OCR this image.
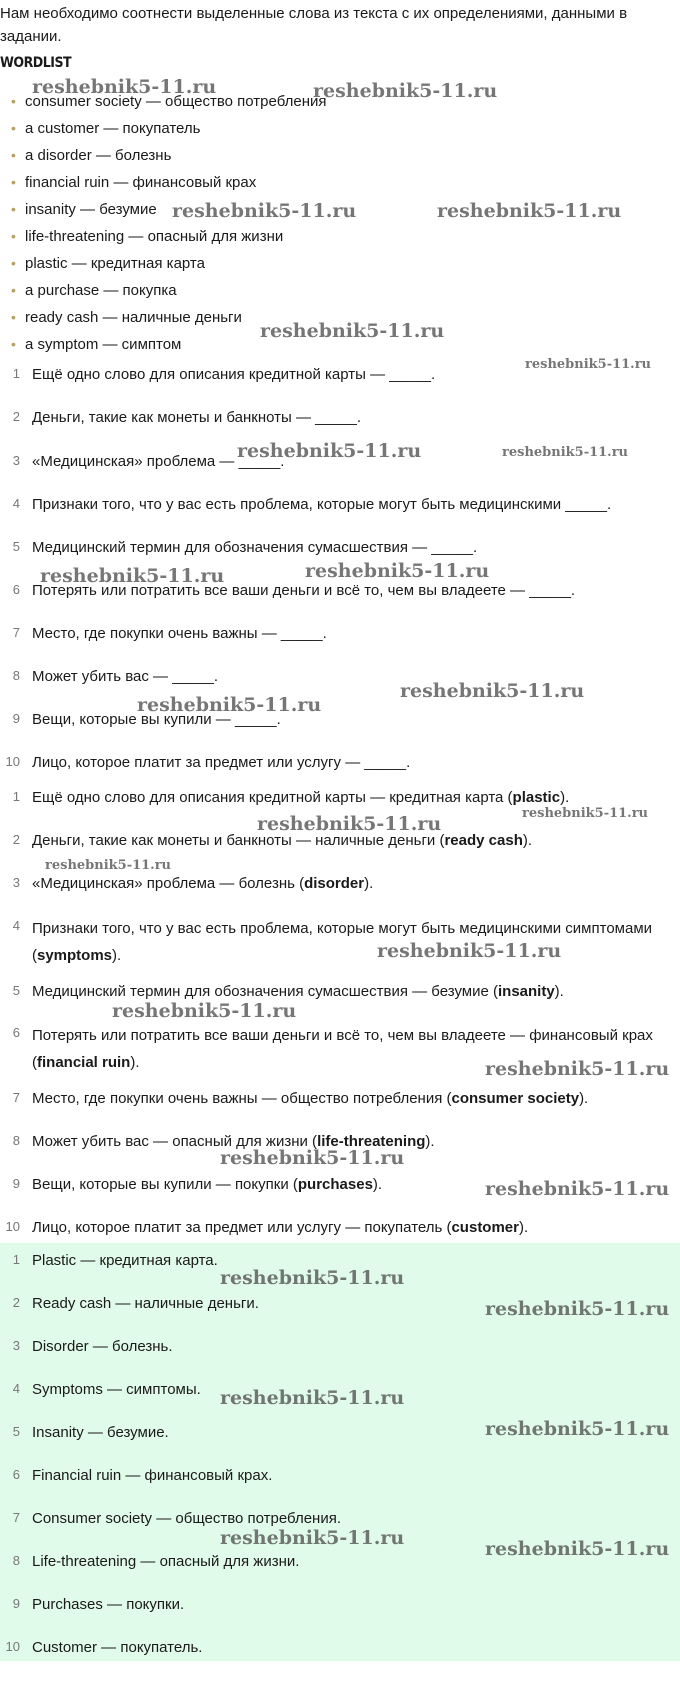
Нам необходимо соотнести выделенные слова из текста с их определениями, данными в задании.
WORDLIST
• consumer society — общество потребления
• a customer — покупатель
• a disorder — болезнь
• financial ruin — финансовый крах
• insanity — безумие
• life-threatening — опасный для жизни
• plastic — кредитная карта
• a purchase — покупка
• ready cash — наличные деньги
• a symptom — симптом
1 Ещё одно слово для описания кредитной карты — _____.
2 Деньги, такие как монеты и банкноты — _____.
3 «Медицинская» проблема — _____.
4 Признаки того, что у вас есть проблема, которые могут быть медицинскими _____.
5 Медицинский термин для обозначения сумасшествия — _____.
6 Потерять или потратить все ваши деньги и всё то, чем вы владеете — _____.
7 Место, где покупки очень важны — _____.
8 Может убить вас — _____.
9 Вещи, которые вы купили — _____.
10 Лицо, которое платит за предмет или услугу — _____.
1 Ещё одно слово для описания кредитной карты — кредитная карта (plastic).
2 Деньги, такие как монеты и банкноты — наличные деньги (ready cash).
3 «Медицинская» проблема — болезнь (disorder).
4 Признаки того, что у вас есть проблема, которые могут быть медицинскими симптомами (symptoms).
5 Медицинский термин для обозначения сумасшествия — безумие (insanity).
6 Потерять или потратить все ваши деньги и всё то, чем вы владеете — финансовый крах (financial ruin).
7 Место, где покупки очень важны — общество потребления (consumer society).
8 Может убить вас — опасный для жизни (life-threatening).
9 Вещи, которые вы купили — покупки (purchases).
10 Лицо, которое платит за предмет или услугу — покупатель (customer).
1 Plastic — кредитная карта.
2 Ready cash — наличные деньги.
3 Disorder — болезнь.
4 Symptoms — симптомы.
5 Insanity — безумие.
6 Financial ruin — финансовый крах.
7 Consumer society — общество потребления.
8 Life-threatening — опасный для жизни.
9 Purchases — покупки.
10 Customer — покупатель.
reshebnik5-11.ru	reshebnik5-11.ru
reshebnik5-11.ru	reshebnik5-11.ru
reshebnik5-11.ru
reshebnik5-11.ru
reshebnik5-11.ru	reshebnik5-11.ru
reshebnik5-11.ru	reshebnik5-11.ru
reshebnik5-11.ru
reshebnik5-11.ru
reshebnik5-11.ru	reshebnik5-11.ru
reshebnik5-11.ru
reshebnik5-11.ru
reshebnik5-11.ru
reshebnik5-11.ru
reshebnik5-11.ru
reshebnik5-11.ru
reshebnik5-11.ru
reshebnik5-11.ru
reshebnik5-11.ru
reshebnik5-11.ru
reshebnik5-11.ru	reshebnik5-11.ru
